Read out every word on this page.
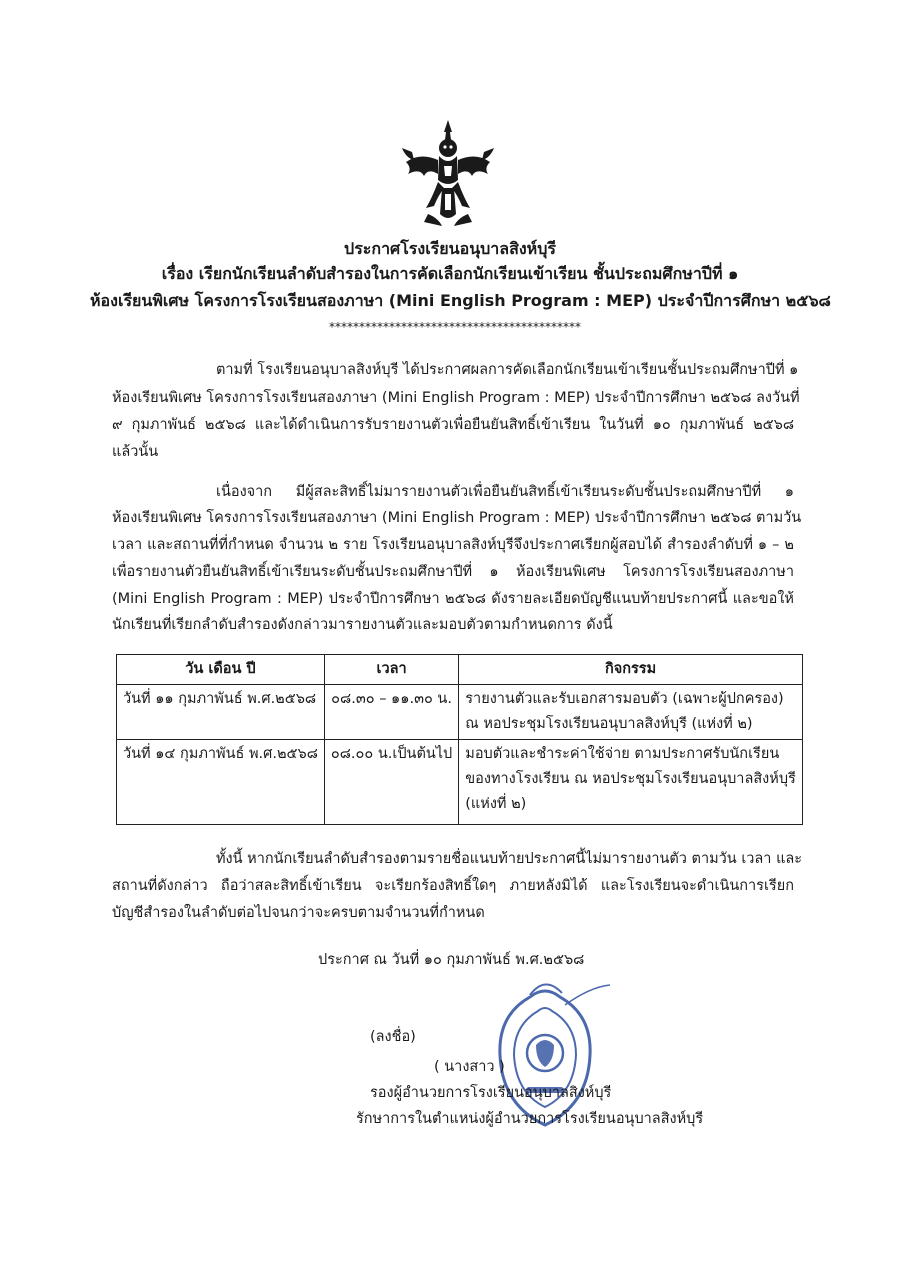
ประกาศโรงเรียนอนุบาลสิงห์บุรี
เรื่อง เรียกนักเรียนลำดับสำรองในการคัดเลือกนักเรียนเข้าเรียน ชั้นประถมศึกษาปีที่ ๑
ห้องเรียนพิเศษ โครงการโรงเรียนสองภาษา (Mini English Program : MEP) ประจำปีการศึกษา ๒๕๖๘
******************************************
ตามที่ โรงเรียนอนุบาลสิงห์บุรี ได้ประกาศผลการคัดเลือกนักเรียนเข้าเรียนชั้นประถมศึกษาปีที่ ๑
ห้องเรียนพิเศษ โครงการโรงเรียนสองภาษา (Mini English Program : MEP) ประจำปีการศึกษา ๒๕๖๘ ลงวันที่
๙ กุมภาพันธ์ ๒๕๖๘ และได้ดำเนินการรับรายงานตัวเพื่อยืนยันสิทธิ์เข้าเรียน ในวันที่ ๑๐ กุมภาพันธ์ ๒๕๖๘
แล้วนั้น
เนื่องจาก มีผู้สละสิทธิ์ไม่มารายงานตัวเพื่อยืนยันสิทธิ์เข้าเรียนระดับชั้นประถมศึกษาปีที่ ๑
ห้องเรียนพิเศษ โครงการโรงเรียนสองภาษา (Mini English Program : MEP) ประจำปีการศึกษา ๒๕๖๘ ตามวัน
เวลา และสถานที่ที่กำหนด จำนวน ๒ ราย โรงเรียนอนุบาลสิงห์บุรีจึงประกาศเรียกผู้สอบได้ สำรองลำดับที่ ๑ – ๒
เพื่อรายงานตัวยืนยันสิทธิ์เข้าเรียนระดับชั้นประถมศึกษาปีที่ ๑ ห้องเรียนพิเศษ โครงการโรงเรียนสองภาษา
(Mini English Program : MEP) ประจำปีการศึกษา ๒๕๖๘ ดังรายละเอียดบัญชีแนบท้ายประกาศนี้ และขอให้
นักเรียนที่เรียกลำดับสำรองดังกล่าวมารายงานตัวและมอบตัวตามกำหนดการ ดังนี้
วัน เดือน ปี	เวลา	กิจกรรม
วันที่ ๑๑ กุมภาพันธ์ พ.ศ.๒๕๖๘	๐๘.๓๐ – ๑๑.๓๐ น.	รายงานตัวและรับเอกสารมอบตัว (เฉพาะผู้ปกครอง)
ณ หอประชุมโรงเรียนอนุบาลสิงห์บุรี (แห่งที่ ๒)

วันที่ ๑๔ กุมภาพันธ์ พ.ศ.๒๕๖๘	๐๘.๐๐ น.เป็นต้นไป	มอบตัวและชำระค่าใช้จ่าย ตามประกาศรับนักเรียน
ของทางโรงเรียน ณ หอประชุมโรงเรียนอนุบาลสิงห์บุรี
(แห่งที่ ๒)
ทั้งนี้ หากนักเรียนลำดับสำรองตามรายชื่อแนบท้ายประกาศนี้ไม่มารายงานตัว ตามวัน เวลา และ
สถานที่ดังกล่าว ถือว่าสละสิทธิ์เข้าเรียน จะเรียกร้องสิทธิ์ใดๆ ภายหลังมิได้ และโรงเรียนจะดำเนินการเรียก
บัญชีสำรองในลำดับต่อไปจนกว่าจะครบตามจำนวนที่กำหนด
ประกาศ ณ วันที่ ๑๐ กุมภาพันธ์ พ.ศ.๒๕๖๘
(ลงชื่อ)
( นางสาว )
รองผู้อำนวยการโรงเรียนอนุบาลสิงห์บุรี
รักษาการในตำแหน่งผู้อำนวยการโรงเรียนอนุบาลสิงห์บุรี
